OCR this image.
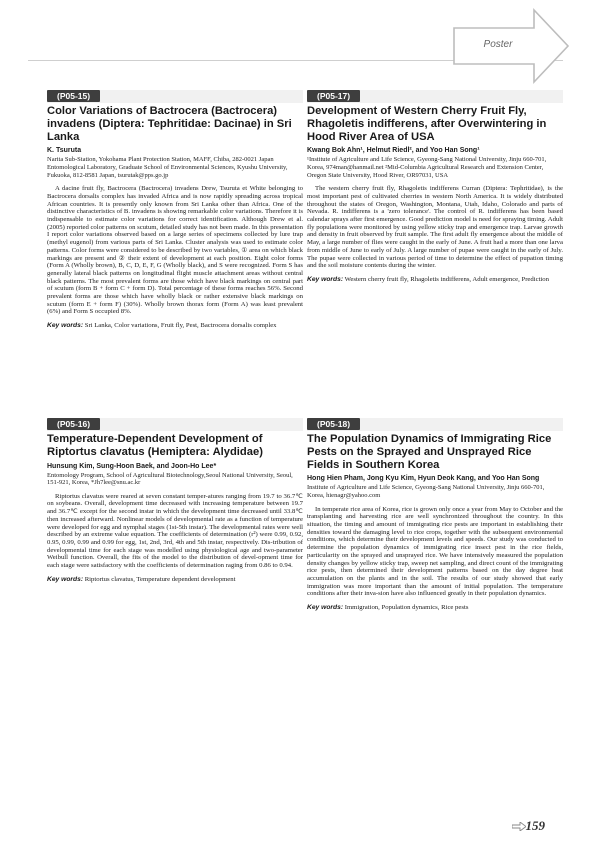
Poster
(P05-15)
Color Variations of Bactrocera (Bactrocera) invadens (Diptera: Tephritidae: Dacinae) in Sri Lanka

K. Tsuruta

Narita Sub-Station, Yokohama Plant Protection Station, MAFF, Chiba, 282-0021 Japan Entomological Laboratory, Graduate School of Environmental Sciences, Kyushu University, Fukuoka, 812-8581 Japan, tsurutak@pps.go.jp

A dacine fruit fly, Bactrocera (Bactrocera) invadens Drew, Tsuruta et White belonging to Bactrocera dorsalis complex has invaded Africa and is now rapidly spreading across tropical African countries. It is presently only known from Sri Lanka other than Africa. One of the distinctive characteristics of B. invadens is showing remarkable color variations. Therefore it is indispensable to estimate color variations for correct identification. Although Drew et al. (2005) reported color patterns on scutum, detailed study has not been made. In this presentation I report color variations observed based on a large series of specimens collected by lure trap (methyl eugenol) from various parts of Sri Lanka. Cluster analysis was used to estimate color patterns. Color forms were considered to be described by two variables, ① area on which black markings are present and ② their extent of development at each position. Eight color forms (Form A (Wholly brown), B, C, D, E, F, G (Wholly black), and S were recognized. Form S has generally lateral black patterns on longitudinal flight muscle attachment areas without central black patterns. The most prevalent forms are those which have black markings on central part of scutum (form B + form C + form D). Total percentage of these forms reaches 56%. Second prevalent forms are those which have wholly black or rather extensive black markings on scutum (form E + form F) (30%). Wholly brown thorax form (Form A) was least prevalent (6%) and Form S occupied 8%.

Key words: Sri Lanka, Color variations, Fruit fly, Pest, Bactrocera dorsalis complex

(P05-16)
Temperature-Dependent Development of Riptortus clavatus (Hemiptera: Alydidae)

Hunsung Kim, Sung-Hoon Baek, and Joon-Ho Lee*

Entomology Program, School of Agricultural Biotechnology,Seoul National University, Seoul, 151-921, Korea, *Jh7lee@snu.ac.kr

Riptortus clavatus were reared at seven constant temper-atures ranging from 19.7 to 36.7℃ on soybeans. Overall, development time decreased with increasing temperature between 19.7 and 36.7℃ except for the second instar in which the development time decreased until 33.8℃ then increased afterward. Nonlinear models of developmental rate as a function of temperature were developed for egg and nymphal stages (1st-5th instar). The developmental rates were well described by an extreme value equation. The coefficients of determination (r²) were 0.99, 0.92, 0.95, 0.99, 0.99 and 0.99 for egg, 1st, 2nd, 3rd, 4th and 5th instar, respectively. Dis-tribution of developmental time for each stage was modelled using physiological age and two-parameter Weibull function. Overall, the fits of the model to the distribution of devel-opment time for each stage were satisfactory with the coefficients of determination raging from 0.86 to 0.94.

Key words: Riptortus clavatus, Temperature dependent development

(P05-17)
Development of Western Cherry Fruit Fly, Rhagoletis indifferens, after Overwintering in Hood River Area of USA

Kwang Bok Ahn¹, Helmut Riedl², and Yoo Han Song¹

¹Institute of Agriculture and Life Science, Gyeong-Sang National University, Jinju 660-701, Korea, 974man@hanmail.net ²Mid-Columbia Agricultural Research and Extension Center, Oregon State University, Hood River, OR97031, USA

The western cherry fruit fly, Rhagoletis indifferens Curran (Diptera: Tephritidae), is the most important pest of cultivated cherries in western North America. It is widely distributed throughout the states of Oregon, Washington, Montana, Utah, Idaho, Colorado and parts of Nevada. R. indifferens is a 'zero tolerance'. The control of R. indifferens has been based calendar sprays after first emergence. Good prediction model is need for spraying timing. Adult fly populations were monitored by using yellow sticky trap and emergence trap. Larvae growth and density in fruit observed by fruit sample. The first adult fly emergence about the middle of May, a large number of flies were caught in the early of June. A fruit had a more than one larva from middle of June to early of July. A large number of pupae were caught in the early of July. The pupae were collected in various period of time to determine the effect of pupation timing and the soil moisture contents during the winter.

Key words: Western cherry fruit fly, Rhagoletis indifferens, Adult emergence, Prediction

(P05-18)
The Population Dynamics of Immigrating Rice Pests on the Sprayed and Unsprayed Rice Fields in Southern Korea

Hong Hien Pham, Jong Kyu Kim, Hyun Deok Kang, and Yoo Han Song

Institute of Agriculture and Life Science, Gyeong-Sang National University, Jinju 660-701, Korea, hienagr@yahoo.com

In temperate rice area of Korea, rice is grown only once a year from May to October and the transplanting and harvesting rice are well synchronized throughout the country. In this situation, the timing and amount of immigrating rice pests are important in establishing their densities toward the damaging level to rice crops, together with the subsequent environmental conditions, which determine their development levels and speeds. Our study was conducted to determine the population dynamics of immigrating rice insect pest in the rice fields, particularity on the sprayed and unsprayed rice. We have intensively measured the population density changes by yellow sticky trap, sweep net sampling, and direct count of the immigrating rice pests, then determined their development patterns based on the day degree heat accumulation on the plants and in the soil. The results of our study showed that early immigration was more important than the amount of initial population. The temperature conditions after their inva-sion have also influenced greatly in their population dynamics.

Key words: Immigration, Population dynamics, Rice pests

159
